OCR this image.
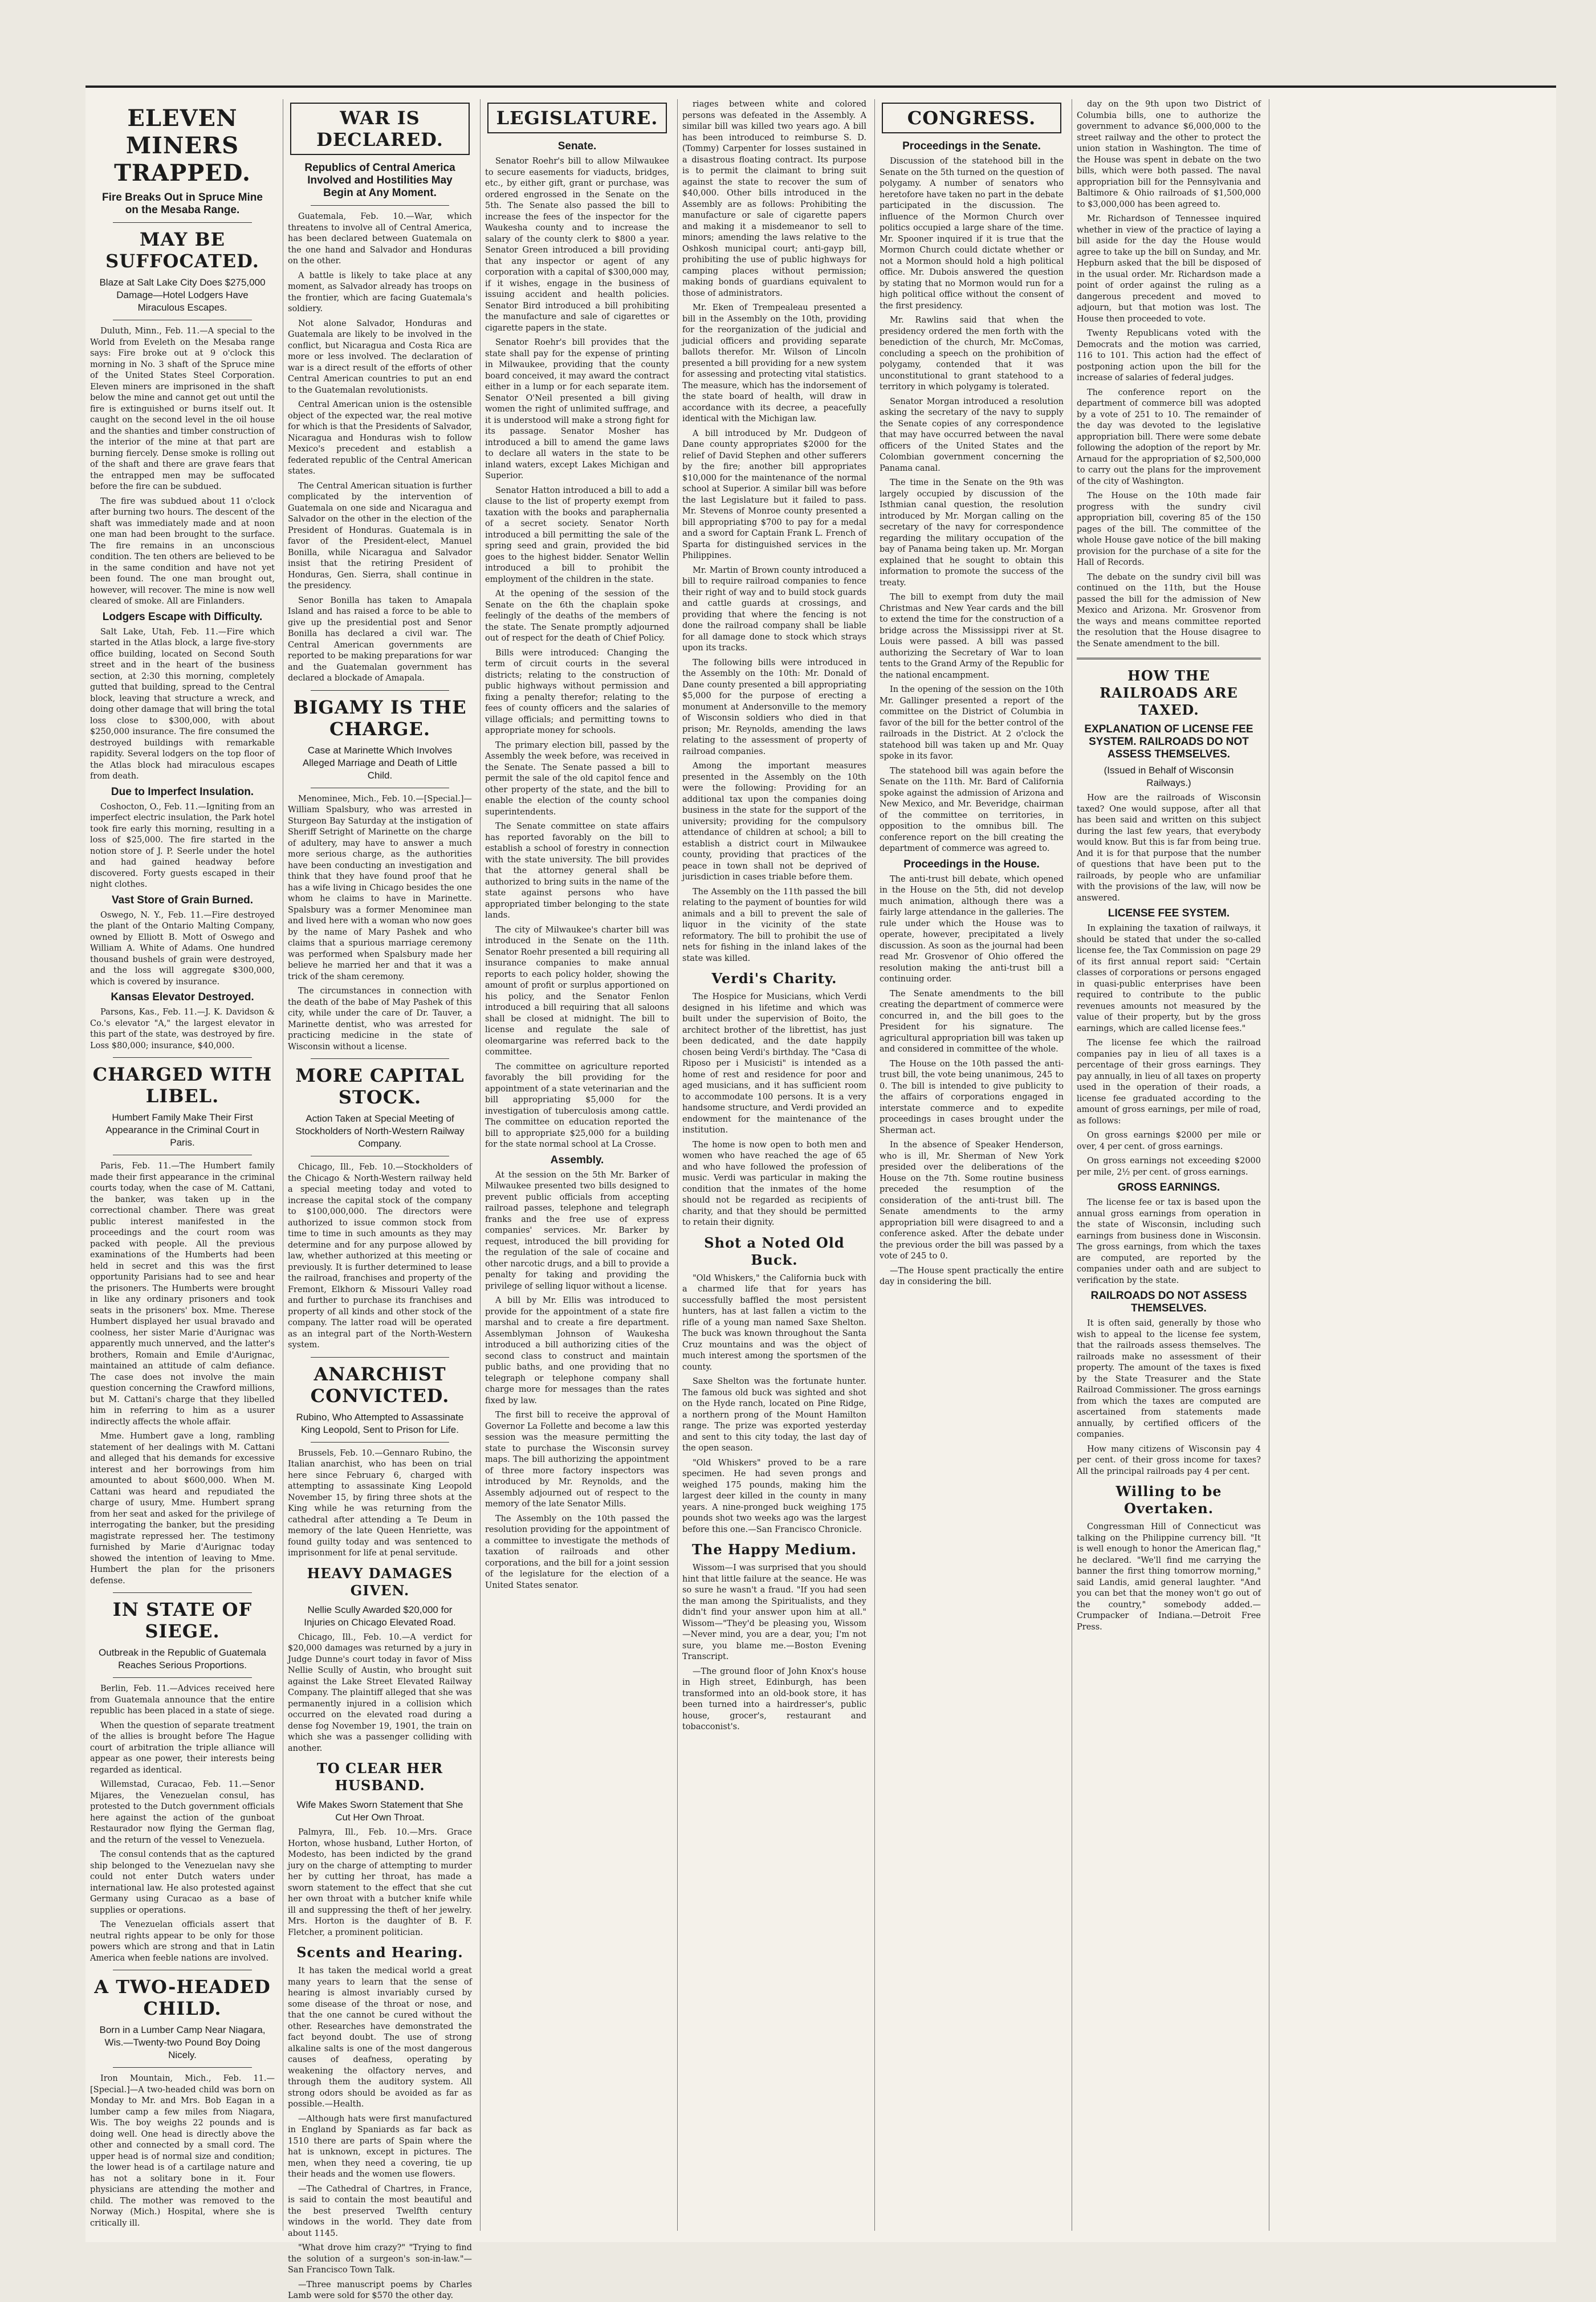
ELEVEN MINERS TRAPPED.
Fire Breaks Out in Spruce Mine on the Mesaba Range.
MAY BE SUFFOCATED.
Blaze at Salt Lake City Does $275,000 Damage—Hotel Lodgers Have Miraculous Escapes.

Duluth, Minn., Feb. 11.—A special to the World from Eveleth on the Mesaba range says: Fire broke out at 9 o'clock this morning in No. 3 shaft of the Spruce mine of the United States Steel Corporation. Eleven miners are imprisoned in the shaft below the mine and cannot get out until the fire is extinguished or burns itself out. It caught on the second level in the oil house and the shanties and timber construction of the interior of the mine at that part are burning fiercely. Dense smoke is rolling out of the shaft and there are grave fears that the entrapped men may be suffocated before the fire can be subdued.

The fire was subdued about 11 o'clock after burning two hours. The descent of the shaft was immediately made and at noon one man had been brought to the surface. The fire remains in an unconscious condition. The ten others are believed to be in the same condition and have not yet been found. The one man brought out, however, will recover. The mine is now well cleared of smoke. All are Finlanders.

Lodgers Escape with Difficulty.

Salt Lake, Utah, Feb. 11.—Fire which started in the Atlas block, a large five-story office building, located on Second South street and in the heart of the business section, at 2:30 this morning, completely gutted that building, spread to the Central block, leaving that structure a wreck, and doing other damage that will bring the total loss close to $300,000, with about $250,000 insurance. The fire consumed the destroyed buildings with remarkable rapidity. Several lodgers on the top floor of the Atlas block had miraculous escapes from death.

Due to Imperfect Insulation.

Coshocton, O., Feb. 11.—Igniting from an imperfect electric insulation, the Park hotel took fire early this morning, resulting in a loss of $25,000. The fire started in the notion store of J. P. Seerle under the hotel and had gained headway before discovered. Forty guests escaped in their night clothes.

Vast Store of Grain Burned.

Oswego, N. Y., Feb. 11.—Fire destroyed the plant of the Ontario Malting Company, owned by Elliott B. Mott of Oswego and William A. White of Adams. One hundred thousand bushels of grain were destroyed, and the loss will aggregate $300,000, which is covered by insurance.

Kansas Elevator Destroyed.

Parsons, Kas., Feb. 11.—J. K. Davidson & Co.'s elevator "A," the largest elevator in this part of the state, was destroyed by fire. Loss $80,000; insurance, $40,000.

CHARGED WITH LIBEL.
Humbert Family Make Their First Appearance in the Criminal Court in Paris.

Paris, Feb. 11.—The Humbert family made their first appearance in the criminal courts today, when the case of M. Cattani, the banker, was taken up in the correctional chamber. There was great public interest manifested in the proceedings and the court room was packed with people. All the previous examinations of the Humberts had been held in secret and this was the first opportunity Parisians had to see and hear the prisoners. The Humberts were brought in like any ordinary prisoners and took seats in the prisoners' box. Mme. Therese Humbert displayed her usual bravado and coolness, her sister Marie d'Aurignac was apparently much unnerved, and the latter's brothers, Romain and Emile d'Aurignac, maintained an attitude of calm defiance. The case does not involve the main question concerning the Crawford millions, but M. Cattani's charge that they libelled him in referring to him as a usurer indirectly affects the whole affair.

Mme. Humbert gave a long, rambling statement of her dealings with M. Cattani and alleged that his demands for excessive interest and her borrowings from him amounted to about $600,000. When M. Cattani was heard and repudiated the charge of usury, Mme. Humbert sprang from her seat and asked for the privilege of interrogating the banker, but the presiding magistrate repressed her. The testimony furnished by Marie d'Aurignac today showed the intention of leaving to Mme. Humbert the plan for the prisoners defense.

IN STATE OF SIEGE.
Outbreak in the Republic of Guatemala Reaches Serious Proportions.

Berlin, Feb. 11.—Advices received here from Guatemala announce that the entire republic has been placed in a state of siege.

When the question of separate treatment of the allies is brought before The Hague court of arbitration the triple alliance will appear as one power, their interests being regarded as identical.

Willemstad, Curacao, Feb. 11.—Senor Mijares, the Venezuelan consul, has protested to the Dutch government officials here against the action of the gunboat Restaurador now flying the German flag, and the return of the vessel to Venezuela.

The consul contends that as the captured ship belonged to the Venezuelan navy she could not enter Dutch waters under international law. He also protested against Germany using Curacao as a base of supplies or operations.

The Venezuelan officials assert that neutral rights appear to be only for those powers which are strong and that in Latin America when feeble nations are involved.

A TWO-HEADED CHILD.
Born in a Lumber Camp Near Niagara, Wis.—Twenty-two Pound Boy Doing Nicely.

Iron Mountain, Mich., Feb. 11.—[Special.]—A two-headed child was born on Monday to Mr. and Mrs. Bob Eagan in a lumber camp a few miles from Niagara, Wis. The boy weighs 22 pounds and is doing well. One head is directly above the other and connected by a small cord. The upper head is of normal size and condition; the lower head is of a cartilage nature and has not a solitary bone in it. Four physicians are attending the mother and child. The mother was removed to the Norway (Mich.) Hospital, where she is critically ill.

WAR IS DECLARED.
Republics of Central America Involved and Hostilities May Begin at Any Moment.

Guatemala, Feb. 10.—War, which threatens to involve all of Central America, has been declared between Guatemala on the one hand and Salvador and Honduras on the other.

A battle is likely to take place at any moment, as Salvador already has troops on the frontier, which are facing Guatemala's soldiery.

Not alone Salvador, Honduras and Guatemala are likely to be involved in the conflict, but Nicaragua and Costa Rica are more or less involved. The declaration of war is a direct result of the efforts of other Central American countries to put an end to the Guatemalan revolutionists.

Central American union is the ostensible object of the expected war, the real motive for which is that the Presidents of Salvador, Nicaragua and Honduras wish to follow Mexico's precedent and establish a federated republic of the Central American states.

The Central American situation is further complicated by the intervention of Guatemala on one side and Nicaragua and Salvador on the other in the election of the President of Honduras. Guatemala is in favor of the President-elect, Manuel Bonilla, while Nicaragua and Salvador insist that the retiring President of Honduras, Gen. Sierra, shall continue in the presidency.

Senor Bonilla has taken to Amapala Island and has raised a force to be able to give up the presidential post and Senor Bonilla has declared a civil war. The Central American governments are reported to be making preparations for war and the Guatemalan government has declared a blockade of Amapala.

BIGAMY IS THE CHARGE.
Case at Marinette Which Involves Alleged Marriage and Death of Little Child.

Menominee, Mich., Feb. 10.—[Special.]—William Spalsbury, who was arrested in Sturgeon Bay Saturday at the instigation of Sheriff Setright of Marinette on the charge of adultery, may have to answer a much more serious charge, as the authorities have been conducting an investigation and think that they have found proof that he has a wife living in Chicago besides the one whom he claims to have in Marinette. Spalsbury was a former Menominee man and lived here with a woman who now goes by the name of Mary Pashek and who claims that a spurious marriage ceremony was performed when Spalsbury made her believe he married her and that it was a trick of the sham ceremony.

The circumstances in connection with the death of the babe of May Pashek of this city, while under the care of Dr. Tauver, a Marinette dentist, who was arrested for practicing medicine in the state of Wisconsin without a license.

MORE CAPITAL STOCK.
Action Taken at Special Meeting of Stockholders of North-Western Railway Company.

Chicago, Ill., Feb. 10.—Stockholders of the Chicago & North-Western railway held a special meeting today and voted to increase the capital stock of the company to $100,000,000. The directors were authorized to issue common stock from time to time in such amounts as they may determine and for any purpose allowed by law, whether authorized at this meeting or previously. It is further determined to lease the railroad, franchises and property of the Fremont, Elkhorn & Missouri Valley road and further to purchase its franchises and property of all kinds and other stock of the company. The latter road will be operated as an integral part of the North-Western system.

ANARCHIST CONVICTED.
Rubino, Who Attempted to Assassinate King Leopold, Sent to Prison for Life.

Brussels, Feb. 10.—Gennaro Rubino, the Italian anarchist, who has been on trial here since February 6, charged with attempting to assassinate King Leopold November 15, by firing three shots at the King while he was returning from the cathedral after attending a Te Deum in memory of the late Queen Henriette, was found guilty today and was sentenced to imprisonment for life at penal servitude.

HEAVY DAMAGES GIVEN.
Nellie Scully Awarded $20,000 for Injuries on Chicago Elevated Road.

Chicago, Ill., Feb. 10.—A verdict for $20,000 damages was returned by a jury in Judge Dunne's court today in favor of Miss Nellie Scully of Austin, who brought suit against the Lake Street Elevated Railway Company. The plaintiff alleged that she was permanently injured in a collision which occurred on the elevated road during a dense fog November 19, 1901, the train on which she was a passenger colliding with another.

TO CLEAR HER HUSBAND.
Wife Makes Sworn Statement that She Cut Her Own Throat.

Palmyra, Ill., Feb. 10.—Mrs. Grace Horton, whose husband, Luther Horton, of Modesto, has been indicted by the grand jury on the charge of attempting to murder her by cutting her throat, has made a sworn statement to the effect that she cut her own throat with a butcher knife while ill and suppressing the theft of her jewelry. Mrs. Horton is the daughter of B. F. Fletcher, a prominent politician.

Scents and Hearing.

It has taken the medical world a great many years to learn that the sense of hearing is almost invariably cursed by some disease of the throat or nose, and that the one cannot be cured without the other. Researches have demonstrated the fact beyond doubt. The use of strong alkaline salts is one of the most dangerous causes of deafness, operating by weakening the olfactory nerves, and through them the auditory system. All strong odors should be avoided as far as possible.—Health.

—Although hats were first manufactured in England by Spaniards as far back as 1510 there are parts of Spain where the hat is unknown, except in pictures. The men, when they need a covering, tie up their heads and the women use flowers.

—The Cathedral of Chartres, in France, is said to contain the most beautiful and the best preserved Twelfth century windows in the world. They date from about 1145.

"What drove him crazy?" "Trying to find the solution of a surgeon's son-in-law."—San Francisco Town Talk.

—Three manuscript poems by Charles Lamb were sold for $570 the other day.

LEGISLATURE.
Senate.

Senator Roehr's bill to allow Milwaukee to secure easements for viaducts, bridges, etc., by either gift, grant or purchase, was ordered engrossed in the Senate on the 5th. The Senate also passed the bill to increase the fees of the inspector for the Waukesha county and to increase the salary of the county clerk to $800 a year. Senator Green introduced a bill providing that any inspector or agent of any corporation with a capital of $300,000 may, if it wishes, engage in the business of issuing accident and health policies. Senator Bird introduced a bill prohibiting the manufacture and sale of cigarettes or cigarette papers in the state.

Senator Roehr's bill provides that the state shall pay for the expense of printing in Milwaukee, providing that the county board conceived, it may award the contract either in a lump or for each separate item. Senator O'Neil presented a bill giving women the right of unlimited suffrage, and it is understood will make a strong fight for its passage. Senator Mosher has introduced a bill to amend the game laws to declare all waters in the state to be inland waters, except Lakes Michigan and Superior.

Senator Hatton introduced a bill to add a clause to the list of property exempt from taxation with the books and paraphernalia of a secret society. Senator North introduced a bill permitting the sale of the spring seed and grain, provided the bid goes to the highest bidder. Senator Wellin introduced a bill to prohibit the employment of the children in the state.

At the opening of the session of the Senate on the 6th the chaplain spoke feelingly of the deaths of the members of the state. The Senate promptly adjourned out of respect for the death of Chief Policy.

Bills were introduced: Changing the term of circuit courts in the several districts; relating to the construction of public highways without permission and fixing a penalty therefor; relating to the fees of county officers and the salaries of village officials; and permitting towns to appropriate money for schools.

The primary election bill, passed by the Assembly the week before, was received in the Senate. The Senate passed a bill to permit the sale of the old capitol fence and other property of the state, and the bill to enable the election of the county school superintendents.

The Senate committee on state affairs has reported favorably on the bill to establish a school of forestry in connection with the state university. The bill provides that the attorney general shall be authorized to bring suits in the name of the state against persons who have appropriated timber belonging to the state lands.

The city of Milwaukee's charter bill was introduced in the Senate on the 11th. Senator Roehr presented a bill requiring all insurance companies to make annual reports to each policy holder, showing the amount of profit or surplus apportioned on his policy, and the Senator Fenlon introduced a bill requiring that all saloons shall be closed at midnight. The bill to license and regulate the sale of oleomargarine was referred back to the committee.

The committee on agriculture reported favorably the bill providing for the appointment of a state veterinarian and the bill appropriating $5,000 for the investigation of tuberculosis among cattle. The committee on education reported the bill to appropriate $25,000 for a building for the state normal school at La Crosse.

Assembly.

At the session on the 5th Mr. Barker of Milwaukee presented two bills designed to prevent public officials from accepting railroad passes, telephone and telegraph franks and the free use of express companies' services. Mr. Barker by request, introduced the bill providing for the regulation of the sale of cocaine and other narcotic drugs, and a bill to provide a penalty for taking and providing the privilege of selling liquor without a license.

A bill by Mr. Ellis was introduced to provide for the appointment of a state fire marshal and to create a fire department. Assemblyman Johnson of Waukesha introduced a bill authorizing cities of the second class to construct and maintain public baths, and one providing that no telegraph or telephone company shall charge more for messages than the rates fixed by law.

The first bill to receive the approval of Governor La Follette and become a law this session was the measure permitting the state to purchase the Wisconsin survey maps. The bill authorizing the appointment of three more factory inspectors was introduced by Mr. Reynolds, and the Assembly adjourned out of respect to the memory of the late Senator Mills.

The Assembly on the 10th passed the resolution providing for the appointment of a committee to investigate the methods of taxation of railroads and other corporations, and the bill for a joint session of the legislature for the election of a United States senator.

riages between white and colored persons was defeated in the Assembly. A similar bill was killed two years ago. A bill has been introduced to reimburse S. D. (Tommy) Carpenter for losses sustained in a disastrous floating contract. Its purpose is to permit the claimant to bring suit against the state to recover the sum of $40,000. Other bills introduced in the Assembly are as follows: Prohibiting the manufacture or sale of cigarette papers and making it a misdemeanor to sell to minors; amending the laws relative to the Oshkosh municipal court; anti-gayp bill, prohibiting the use of public highways for camping places without permission; making bonds of guardians equivalent to those of administrators.

Mr. Eken of Trempealeau presented a bill in the Assembly on the 10th, providing for the reorganization of the judicial and judicial officers and providing separate ballots therefor. Mr. Wilson of Lincoln presented a bill providing for a new system for assessing and protecting vital statistics. The measure, which has the indorsement of the state board of health, will draw in accordance with its decree, a peacefully identical with the Michigan law.

A bill introduced by Mr. Dudgeon of Dane county appropriates $2000 for the relief of David Stephen and other sufferers by the fire; another bill appropriates $10,000 for the maintenance of the normal school at Superior. A similar bill was before the last Legislature but it failed to pass. Mr. Stevens of Monroe county presented a bill appropriating $700 to pay for a medal and a sword for Captain Frank L. French of Sparta for distinguished services in the Philippines.

Mr. Martin of Brown county introduced a bill to require railroad companies to fence their right of way and to build stock guards and cattle guards at crossings, and providing that where the fencing is not done the railroad company shall be liable for all damage done to stock which strays upon its tracks.

The following bills were introduced in the Assembly on the 10th: Mr. Donald of Dane county presented a bill appropriating $5,000 for the purpose of erecting a monument at Andersonville to the memory of Wisconsin soldiers who died in that prison; Mr. Reynolds, amending the laws relating to the assessment of property of railroad companies.

Among the important measures presented in the Assembly on the 10th were the following: Providing for an additional tax upon the companies doing business in the state for the support of the university; providing for the compulsory attendance of children at school; a bill to establish a district court in Milwaukee county, providing that practices of the peace in town shall not be deprived of jurisdiction in cases triable before them.

The Assembly on the 11th passed the bill relating to the payment of bounties for wild animals and a bill to prevent the sale of liquor in the vicinity of the state reformatory. The bill to prohibit the use of nets for fishing in the inland lakes of the state was killed.

Verdi's Charity.

The Hospice for Musicians, which Verdi designed in his lifetime and which was built under the supervision of Boito, the architect brother of the librettist, has just been dedicated, and the date happily chosen being Verdi's birthday. The "Casa di Riposo per i Musicisti" is intended as a home of rest and residence for poor and aged musicians, and it has sufficient room to accommodate 100 persons. It is a very handsome structure, and Verdi provided an endowment for the maintenance of the institution.

The home is now open to both men and women who have reached the age of 65 and who have followed the profession of music. Verdi was particular in making the condition that the inmates of the home should not be regarded as recipients of charity, and that they should be permitted to retain their dignity.

Shot a Noted Old Buck.

"Old Whiskers," the California buck with a charmed life that for years has successfully baffled the most persistent hunters, has at last fallen a victim to the rifle of a young man named Saxe Shelton. The buck was known throughout the Santa Cruz mountains and was the object of much interest among the sportsmen of the county.

Saxe Shelton was the fortunate hunter. The famous old buck was sighted and shot on the Hyde ranch, located on Pine Ridge, a northern prong of the Mount Hamilton range. The prize was exported yesterday and sent to this city today, the last day of the open season.

"Old Whiskers" proved to be a rare specimen. He had seven prongs and weighed 175 pounds, making him the largest deer killed in the county in many years. A nine-pronged buck weighing 175 pounds shot two weeks ago was the largest before this one.—San Francisco Chronicle.

The Happy Medium.

Wissom—I was surprised that you should hint that little failure at the seance. He was so sure he wasn't a fraud. "If you had seen the man among the Spiritualists, and they didn't find your answer upon him at all." Wissom—"They'd be pleasing you, Wissom—Never mind, you are a dear, you; I'm not sure, you blame me.—Boston Evening Transcript.

—The ground floor of John Knox's house in High street, Edinburgh, has been transformed into an old-book store, it has been turned into a hairdresser's, public house, grocer's, restaurant and tobacconist's.

CONGRESS.
Proceedings in the Senate.

Discussion of the statehood bill in the Senate on the 5th turned on the question of polygamy. A number of senators who heretofore have taken no part in the debate participated in the discussion. The influence of the Mormon Church over politics occupied a large share of the time. Mr. Spooner inquired if it is true that the Mormon Church could dictate whether or not a Mormon should hold a high political office. Mr. Dubois answered the question by stating that no Mormon would run for a high political office without the consent of the first presidency.

Mr. Rawlins said that when the presidency ordered the men forth with the benediction of the church, Mr. McComas, concluding a speech on the prohibition of polygamy, contended that it was unconstitutional to grant statehood to a territory in which polygamy is tolerated.

Senator Morgan introduced a resolution asking the secretary of the navy to supply the Senate copies of any correspondence that may have occurred between the naval officers of the United States and the Colombian government concerning the Panama canal.

The time in the Senate on the 9th was largely occupied by discussion of the Isthmian canal question, the resolution introduced by Mr. Morgan calling on the secretary of the navy for correspondence regarding the military occupation of the bay of Panama being taken up. Mr. Morgan explained that he sought to obtain this information to promote the success of the treaty.

The bill to exempt from duty the mail Christmas and New Year cards and the bill to extend the time for the construction of a bridge across the Mississippi river at St. Louis were passed. A bill was passed authorizing the Secretary of War to loan tents to the Grand Army of the Republic for the national encampment.

In the opening of the session on the 10th Mr. Gallinger presented a report of the committee on the District of Columbia in favor of the bill for the better control of the railroads in the District. At 2 o'clock the statehood bill was taken up and Mr. Quay spoke in its favor.

The statehood bill was again before the Senate on the 11th. Mr. Bard of California spoke against the admission of Arizona and New Mexico, and Mr. Beveridge, chairman of the committee on territories, in opposition to the omnibus bill. The conference report on the bill creating the department of commerce was agreed to.

Proceedings in the House.

The anti-trust bill debate, which opened in the House on the 5th, did not develop much animation, although there was a fairly large attendance in the galleries. The rule under which the House was to operate, however, precipitated a lively discussion. As soon as the journal had been read Mr. Grosvenor of Ohio offered the resolution making the anti-trust bill a continuing order.

The Senate amendments to the bill creating the department of commerce were concurred in, and the bill goes to the President for his signature. The agricultural appropriation bill was taken up and considered in committee of the whole.

The House on the 10th passed the anti-trust bill, the vote being unanimous, 245 to 0. The bill is intended to give publicity to the affairs of corporations engaged in interstate commerce and to expedite proceedings in cases brought under the Sherman act.

In the absence of Speaker Henderson, who is ill, Mr. Sherman of New York presided over the deliberations of the House on the 7th. Some routine business preceded the resumption of the consideration of the anti-trust bill. The Senate amendments to the army appropriation bill were disagreed to and a conference asked. After the debate under the previous order the bill was passed by a vote of 245 to 0.

—The House spent practically the entire day in considering the bill.

day on the 9th upon two District of Columbia bills, one to authorize the government to advance $6,000,000 to the street railway and the other to protect the union station in Washington. The time of the House was spent in debate on the two bills, which were both passed. The naval appropriation bill for the Pennsylvania and Baltimore & Ohio railroads of $1,500,000 to $3,000,000 has been agreed to.

Mr. Richardson of Tennessee inquired whether in view of the practice of laying a bill aside for the day the House would agree to take up the bill on Sunday, and Mr. Hepburn asked that the bill be disposed of in the usual order. Mr. Richardson made a point of order against the ruling as a dangerous precedent and moved to adjourn, but that motion was lost. The House then proceeded to vote.

Twenty Republicans voted with the Democrats and the motion was carried, 116 to 101. This action had the effect of postponing action upon the bill for the increase of salaries of federal judges.

The conference report on the department of commerce bill was adopted by a vote of 251 to 10. The remainder of the day was devoted to the legislative appropriation bill. There were some debate following the adoption of the report by Mr. Arnaud for the appropriation of $2,500,000 to carry out the plans for the improvement of the city of Washington.

The House on the 10th made fair progress with the sundry civil appropriation bill, covering 85 of the 150 pages of the bill. The committee of the whole House gave notice of the bill making provision for the purchase of a site for the Hall of Records.

The debate on the sundry civil bill was continued on the 11th, but the House passed the bill for the admission of New Mexico and Arizona. Mr. Grosvenor from the ways and means committee reported the resolution that the House disagree to the Senate amendment to the bill.

HOW THE RAILROADS ARE TAXED.
EXPLANATION OF LICENSE FEE SYSTEM. RAILROADS DO NOT ASSESS THEMSELVES.
(Issued in Behalf of Wisconsin Railways.)

How are the railroads of Wisconsin taxed? One would suppose, after all that has been said and written on this subject during the last few years, that everybody would know. But this is far from being true. And it is for that purpose that the number of questions that have been put to the railroads, by people who are unfamiliar with the provisions of the law, will now be answered.

LICENSE FEE SYSTEM.

In explaining the taxation of railways, it should be stated that under the so-called license fee, the Tax Commission on page 29 of its first annual report said: "Certain classes of corporations or persons engaged in quasi-public enterprises have been required to contribute to the public revenues amounts not measured by the value of their property, but by the gross earnings, which are called license fees."

The license fee which the railroad companies pay in lieu of all taxes is a percentage of their gross earnings. They pay annually, in lieu of all taxes on property used in the operation of their roads, a license fee graduated according to the amount of gross earnings, per mile of road, as follows:

On gross earnings $2000 per mile or over, 4 per cent. of gross earnings.

On gross earnings not exceeding $2000 per mile, 2½ per cent. of gross earnings.

GROSS EARNINGS.

The license fee or tax is based upon the annual gross earnings from operation in the state of Wisconsin, including such earnings from business done in Wisconsin. The gross earnings, from which the taxes are computed, are reported by the companies under oath and are subject to verification by the state.

RAILROADS DO NOT ASSESS THEMSELVES.

It is often said, generally by those who wish to appeal to the license fee system, that the railroads assess themselves. The railroads make no assessment of their property. The amount of the taxes is fixed by the State Treasurer and the State Railroad Commissioner. The gross earnings from which the taxes are computed are ascertained from statements made annually, by certified officers of the companies.

How many citizens of Wisconsin pay 4 per cent. of their gross income for taxes? All the principal railroads pay 4 per cent.

Willing to be Overtaken.

Congressman Hill of Connecticut was talking on the Philippine currency bill. "It is well enough to honor the American flag," he declared. "We'll find me carrying the banner the first thing tomorrow morning," said Landis, amid general laughter. "And you can bet that the money won't go out of the country," somebody added.—Crumpacker of Indiana.—Detroit Free Press.
